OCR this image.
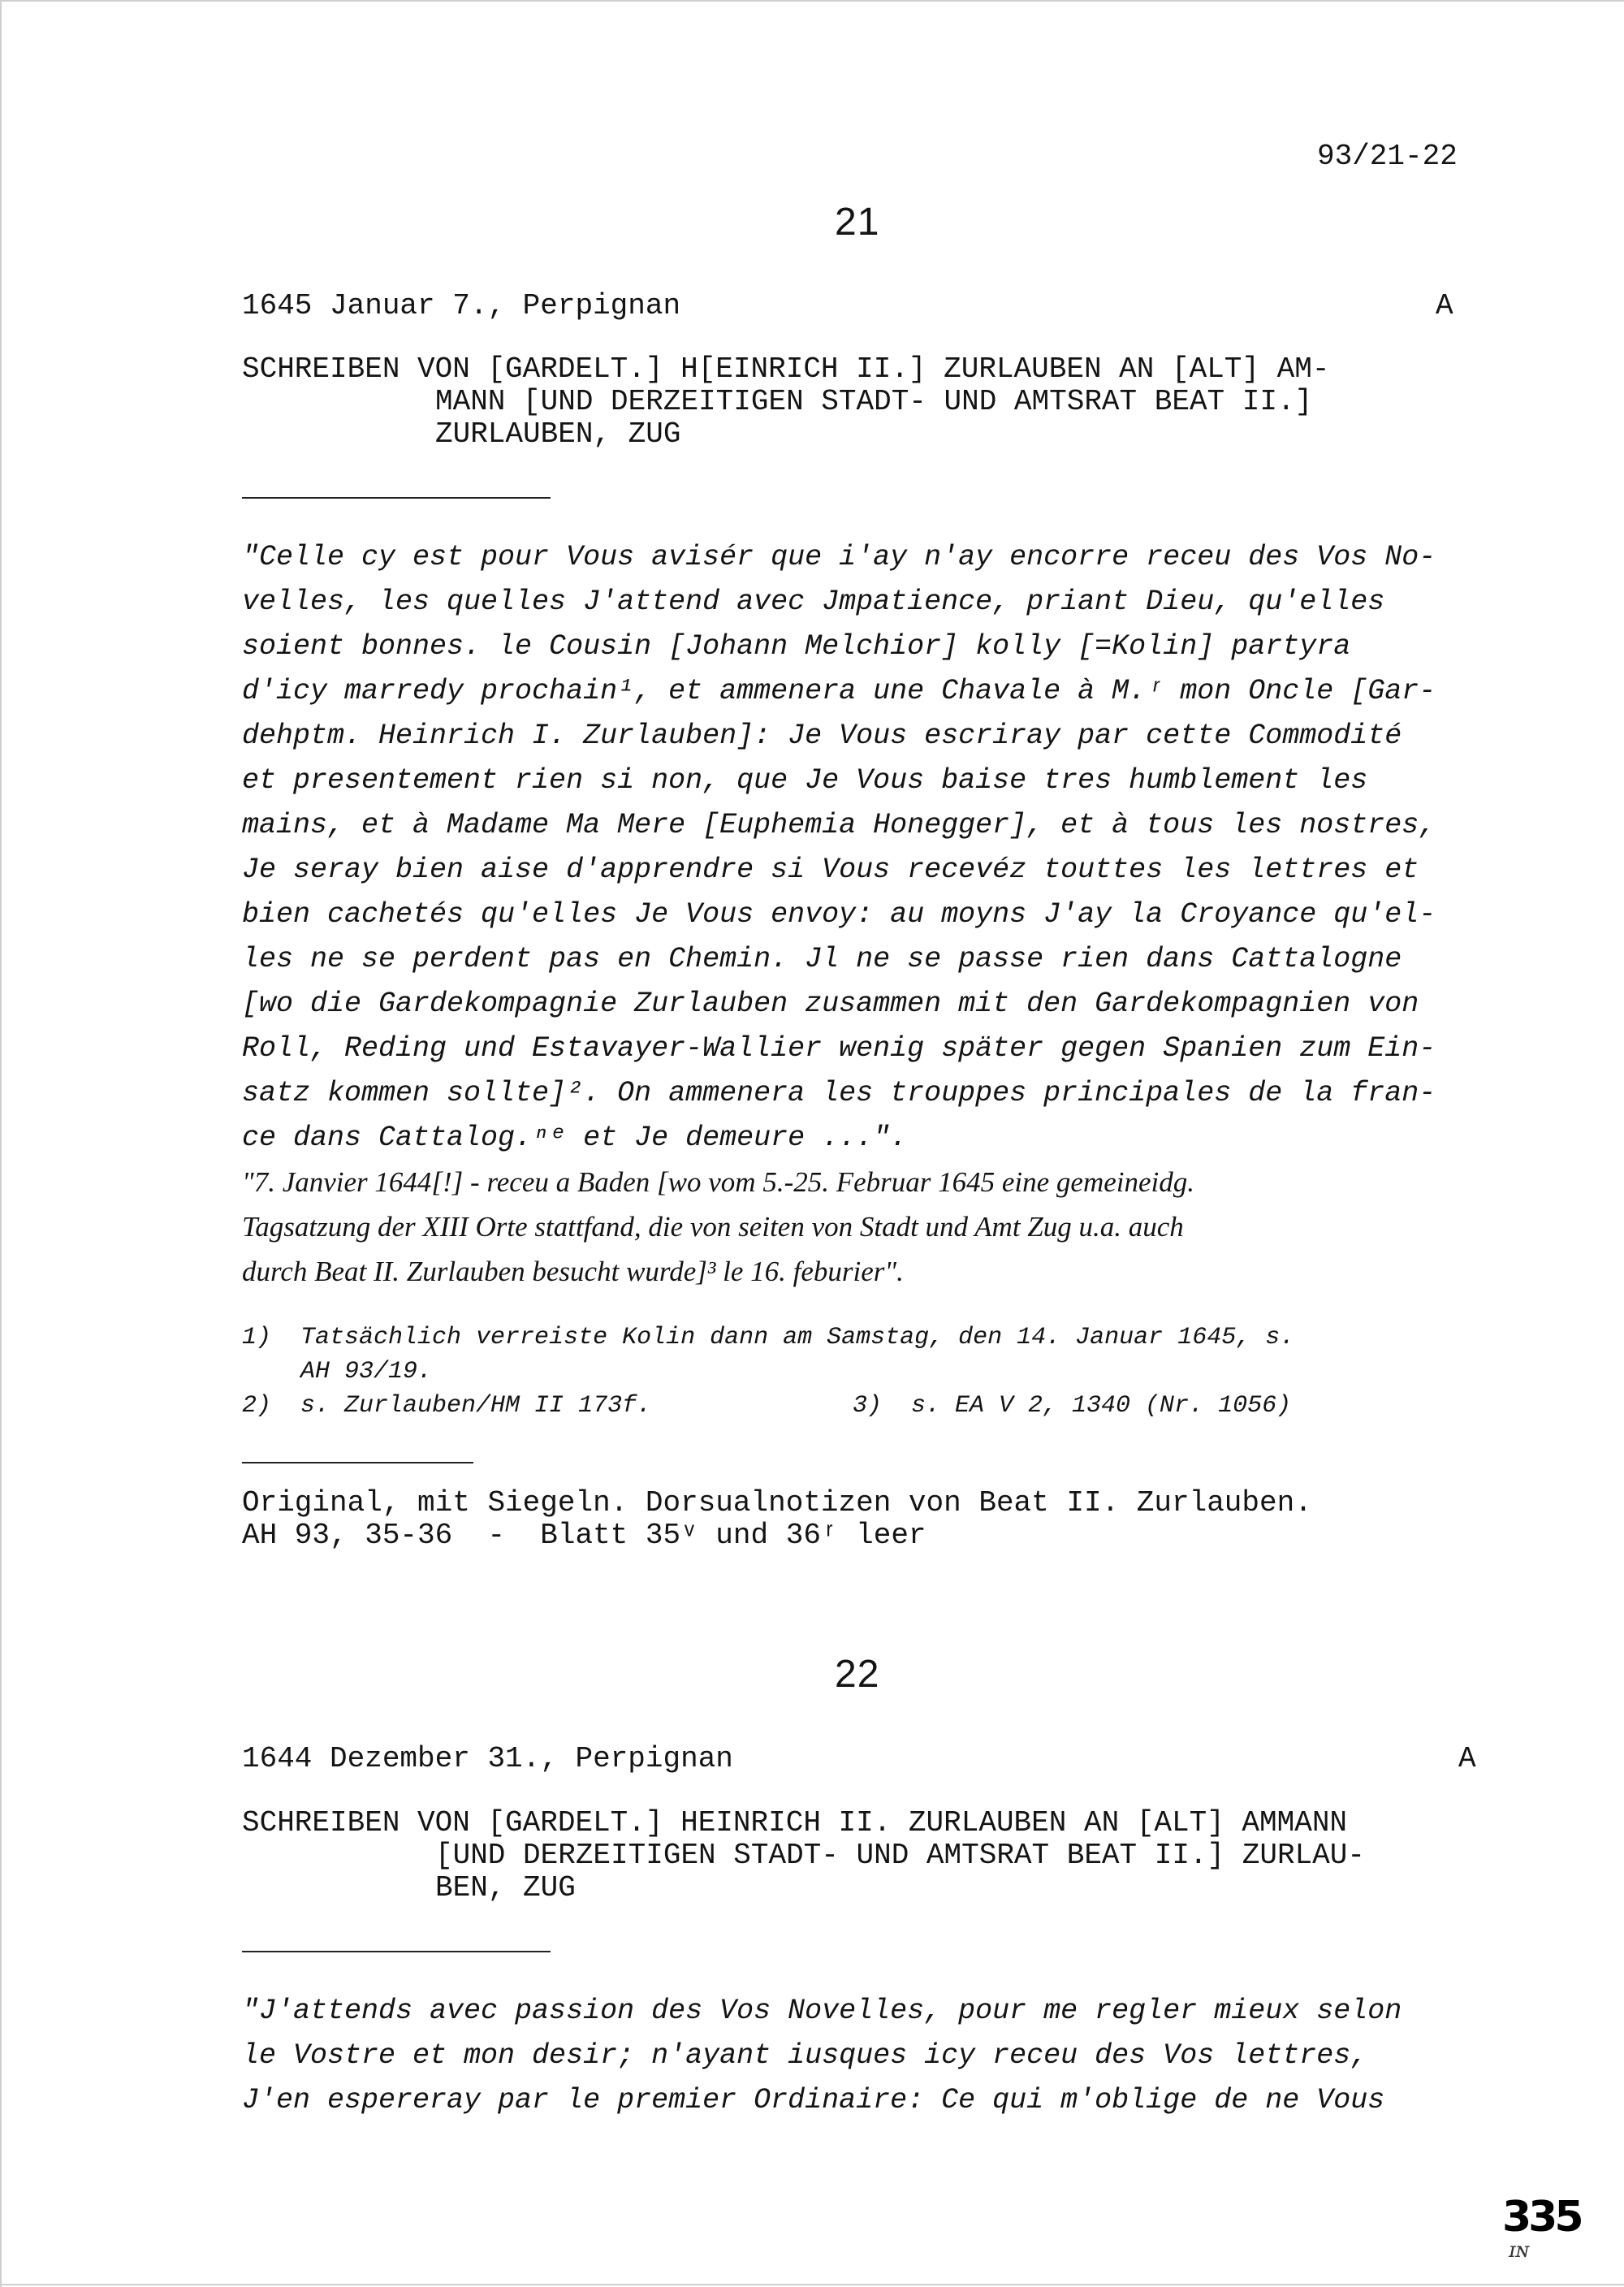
93/21-22
21
1645 Januar 7., Perpignan	A
SCHREIBEN VON [GARDELT.] H[EINRICH II.] ZURLAUBEN AN [ALT] AM-
MANN [UND DERZEITIGEN STADT- UND AMTSRAT BEAT II.]
ZURLAUBEN, ZUG
"Celle cy est pour Vous avisér que i'ay n'ay encorre receu des Vos No-
velles, les quelles J'attend avec Jmpatience, priant Dieu, qu'elles
soient bonnes. le Cousin [Johann Melchior] kolly [=Kolin] partyra
d'icy marredy prochain¹, et ammenera une Chavale à M.ʳ mon Oncle [Gar-
dehptm. Heinrich I. Zurlauben]: Je Vous escriray par cette Commodité
et presentement rien si non, que Je Vous baise tres humblement les
mains, et à Madame Ma Mere [Euphemia Honegger], et à tous les nostres,
Je seray bien aise d'apprendre si Vous recevéz touttes les lettres et
bien cachetés qu'elles Je Vous envoy: au moyns J'ay la Croyance qu'el-
les ne se perdent pas en Chemin. Jl ne se passe rien dans Cattalogne
[wo die Gardekompagnie Zurlauben zusammen mit den Gardekompagnien von
Roll, Reding und Estavayer-Wallier wenig später gegen Spanien zum Ein-
satz kommen sollte]². On ammenera les trouppes principales de la fran-
ce dans Cattalog.ⁿᵉ et Je demeure ...".
"7. Janvier 1644[!] - receu a Baden [wo vom 5.-25. Februar 1645 eine gemeineidg.
Tagsatzung der XIII Orte stattfand, die von seiten von Stadt und Amt Zug u.a. auch
durch Beat II. Zurlauben besucht wurde]³ le 16. feburier".
1)  Tatsächlich verreiste Kolin dann am Samstag, den 14. Januar 1645, s.
AH 93/19.
2)  s. Zurlauben/HM II 173f.	3)  s. EA V 2, 1340 (Nr. 1056)
Original, mit Siegeln. Dorsualnotizen von Beat II. Zurlauben.
AH 93, 35-36  -  Blatt 35ᵛ und 36ʳ leer
22
1644 Dezember 31., Perpignan	A
SCHREIBEN VON [GARDELT.] HEINRICH II. ZURLAUBEN AN [ALT] AMMANN
[UND DERZEITIGEN STADT- UND AMTSRAT BEAT II.] ZURLAU-
BEN, ZUG
"J'attends avec passion des Vos Novelles, pour me regler mieux selon
le Vostre et mon desir; n'ayant iusques icy receu des Vos lettres,
J'en espereray par le premier Ordinaire: Ce qui m'oblige de ne Vous
335
ɪɴ
